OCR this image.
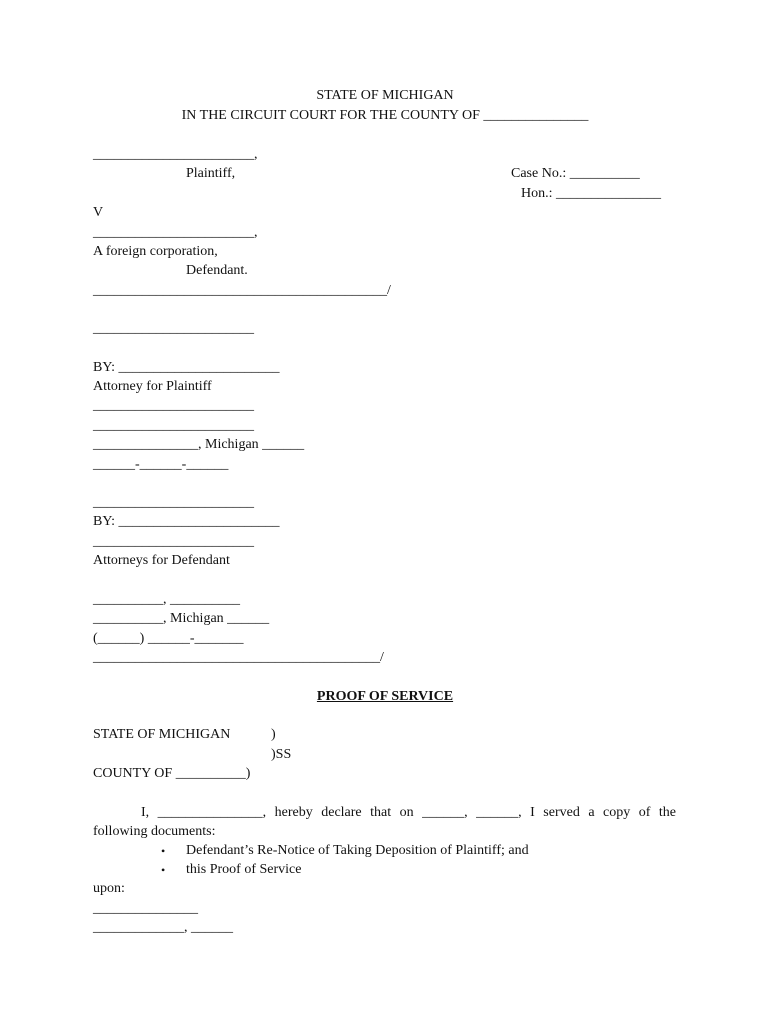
STATE OF MICHIGAN
IN THE CIRCUIT COURT FOR THE COUNTY OF _______________
_______________________,
Plaintiff,	Case No.: __________
Hon.: _______________
V
_______________________,
A foreign corporation,
Defendant.
__________________________________________/
_______________________
BY: _______________________
Attorney for Plaintiff
_______________________
_______________________
_______________, Michigan ______
______-______-______
_______________________
BY: _______________________
_______________________
Attorneys for Defendant
__________, __________
__________, Michigan ______
(______) ______-_______
_________________________________________/
PROOF OF SERVICE
STATE OF MICHIGAN	)
)SS
COUNTY OF __________)
I, _______________, hereby declare that on ______, ______, I served a copy of the
following documents:
• Defendant’s Re-Notice of Taking Deposition of Plaintiff; and
• this Proof of Service
upon:
_______________
_____________, ______
